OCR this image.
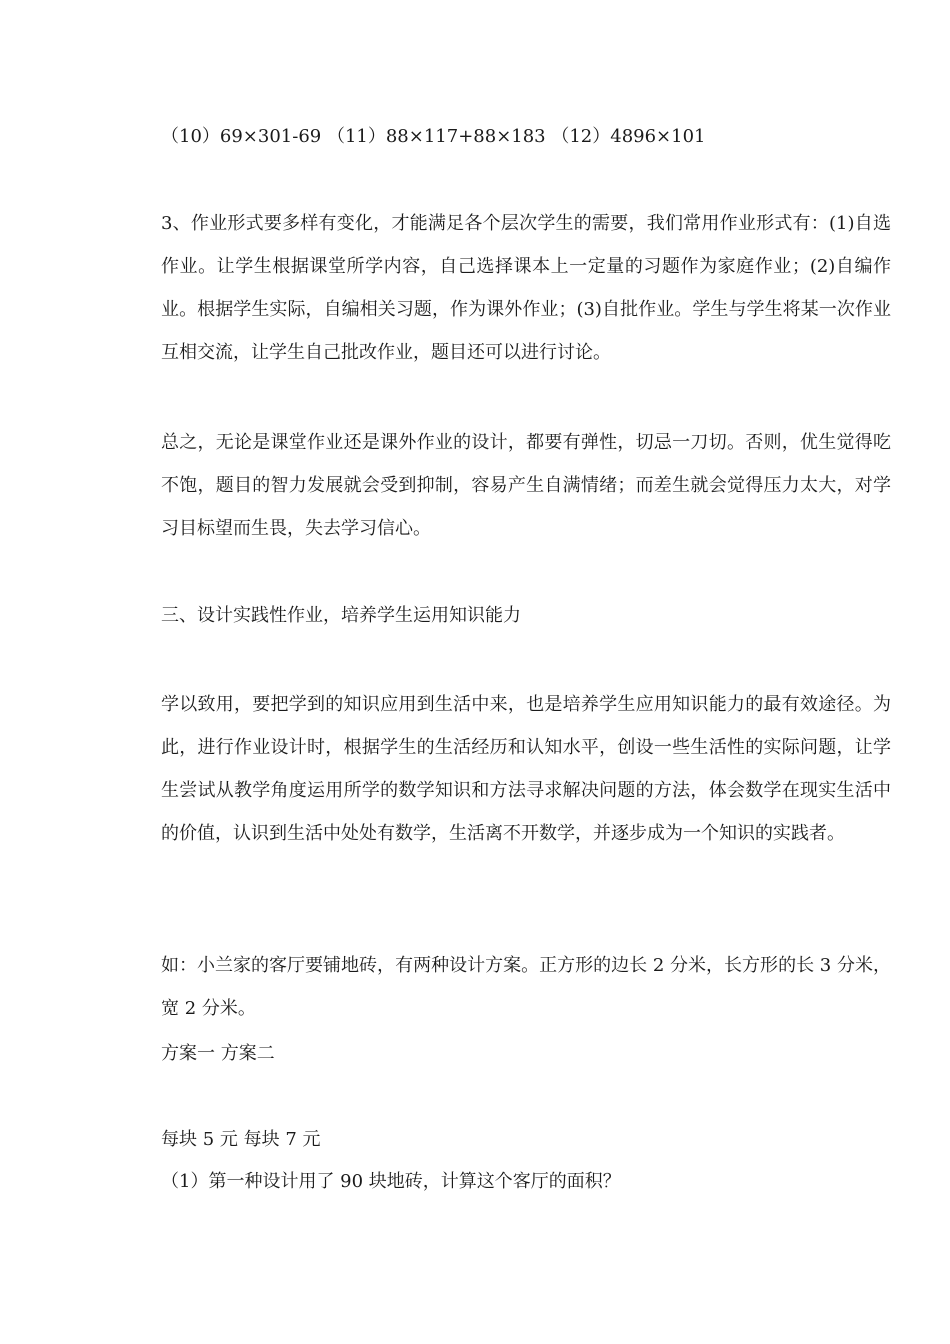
（10）69×301-69 （11）88×117+88×183 （12）4896×101
3、作业形式要多样有变化，才能满足各个层次学生的需要，我们常用作业形式有：(1)自选作业。让学生根据课堂所学内容，自己选择课本上一定量的习题作为家庭作业；(2)自编作业。根据学生实际，自编相关习题，作为课外作业；(3)自批作业。学生与学生将某一次作业互相交流，让学生自己批改作业，题目还可以进行讨论。
总之，无论是课堂作业还是课外作业的设计，都要有弹性，切忌一刀切。否则，优生觉得吃不饱，题目的智力发展就会受到抑制，容易产生自满情绪；而差生就会觉得压力太大，对学习目标望而生畏，失去学习信心。
三、设计实践性作业，培养学生运用知识能力
学以致用，要把学到的知识应用到生活中来，也是培养学生应用知识能力的最有效途径。为此，进行作业设计时，根据学生的生活经历和认知水平，创设一些生活性的实际问题，让学生尝试从教学角度运用所学的数学知识和方法寻求解决问题的方法，体会数学在现实生活中的价值，认识到生活中处处有数学，生活离不开数学，并逐步成为一个知识的实践者。
如：小兰家的客厅要铺地砖，有两种设计方案。正方形的边长 2 分米，长方形的长 3 分米，宽 2 分米。
方案一 方案二
每块 5 元 每块 7 元
（1）第一种设计用了 90 块地砖，计算这个客厅的面积？
